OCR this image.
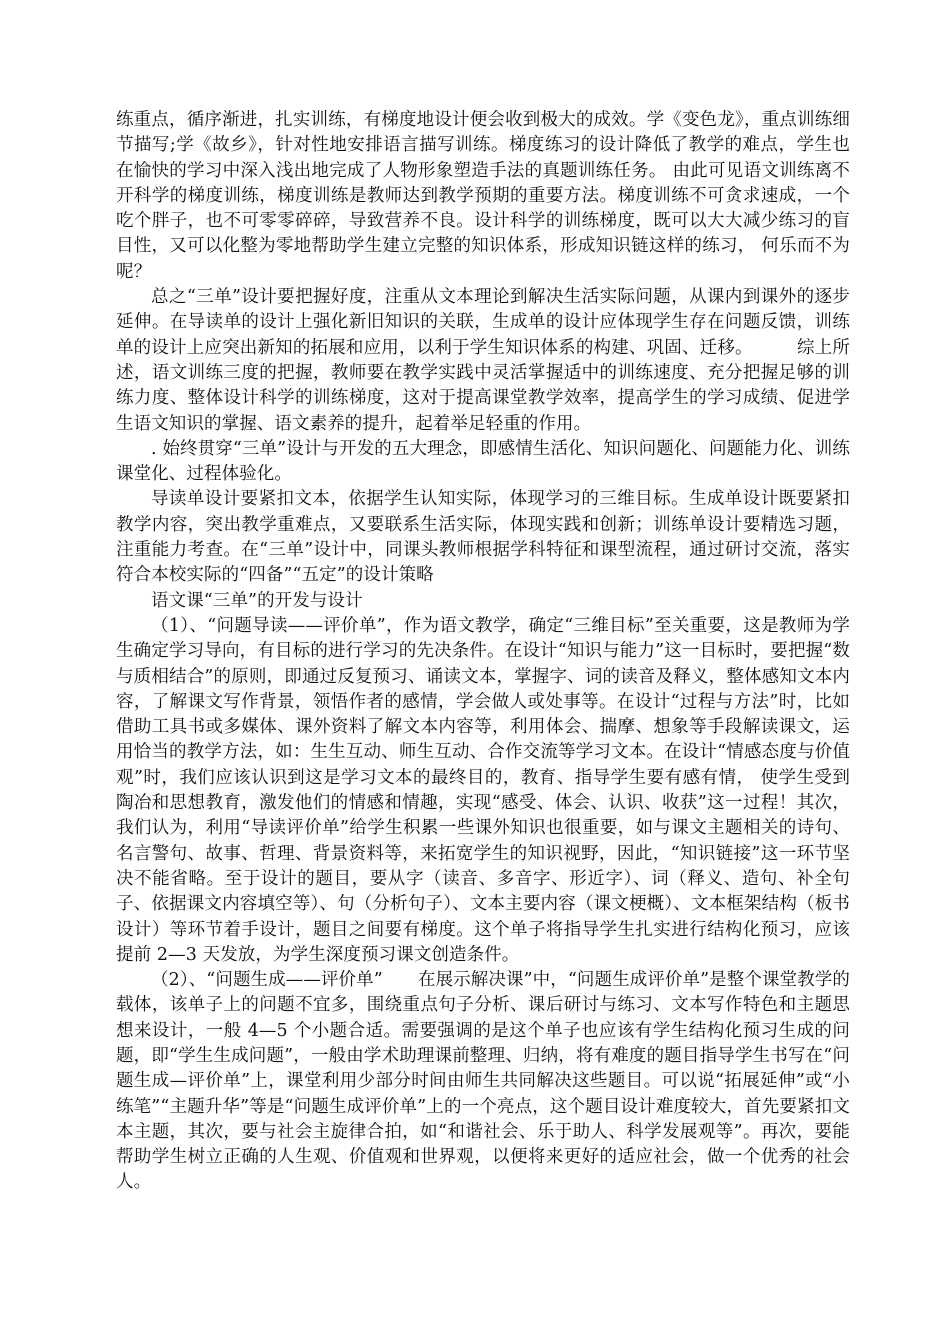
练重点，循序渐进，扎实训练，有梯度地设计便会收到极大的成效。学《变色龙》，重点训练细节描写;学《故乡》，针对性地安排语言描写训练。梯度练习的设计降低了教学的难点，学生也在愉快的学习中深入浅出地完成了人物形象塑造手法的真题训练任务。 由此可见语文训练离不开科学的梯度训练，梯度训练是教师达到教学预期的重要方法。梯度训练不可贪求速成，一个吃个胖子，也不可零零碎碎，导致营养不良。设计科学的训练梯度，既可以大大减少练习的盲目性，又可以化整为零地帮助学生建立完整的知识体系，形成知识链这样的练习， 何乐而不为呢？

总之“三单”设计要把握好度，注重从文本理论到解决生活实际问题，从课内到课外的逐步延伸。在导读单的设计上强化新旧知识的关联，生成单的设计应体现学生存在问题反馈，训练单的设计上应突出新知的拓展和应用，以利于学生知识体系的构建、巩固、迁移。　　　综上所述，语文训练三度的把握，教师要在教学实践中灵活掌握适中的训练速度、充分把握足够的训练力度、整体设计科学的训练梯度，这对于提高课堂教学效率，提高学生的学习成绩、促进学生语文知识的掌握、语文素养的提升，起着举足轻重的作用。

. 始终贯穿“三单”设计与开发的五大理念，即感情生活化、知识问题化、问题能力化、训练课堂化、过程体验化。

导读单设计要紧扣文本，依据学生认知实际，体现学习的三维目标。生成单设计既要紧扣教学内容，突出教学重难点，又要联系生活实际，体现实践和创新；训练单设计要精选习题，注重能力考查。在“三单”设计中，同课头教师根据学科特征和课型流程，通过研讨交流，落实符合本校实际的“四备”“五定”的设计策略

语文课“三单”的开发与设计

（1）、“问题导读——评价单”，作为语文教学，确定“三维目标”至关重要，这是教师为学生确定学习导向，有目标的进行学习的先决条件。在设计“知识与能力”这一目标时，要把握“数与质相结合”的原则，即通过反复预习、诵读文本，掌握字、词的读音及释义，整体感知文本内容，了解课文写作背景，领悟作者的感情，学会做人或处事等。在设计“过程与方法”时，比如借助工具书或多媒体、课外资料了解文本内容等，利用体会、揣摩、想象等手段解读课文，运用恰当的教学方法，如：生生互动、师生互动、合作交流等学习文本。在设计“情感态度与价值观”时，我们应该认识到这是学习文本的最终目的，教育、指导学生要有感有情， 使学生受到陶冶和思想教育，激发他们的情感和情趣，实现“感受、体会、认识、收获”这一过程！其次，我们认为，利用“导读评价单”给学生积累一些课外知识也很重要，如与课文主题相关的诗句、名言警句、故事、哲理、背景资料等，来拓宽学生的知识视野，因此，“知识链接”这一环节坚决不能省略。至于设计的题目，要从字（读音、多音字、形近字）、词（释义、造句、补全句子、依据课文内容填空等）、句（分析句子）、文本主要内容（课文梗概）、文本框架结构（板书设计）等环节着手设计，题目之间要有梯度。这个单子将指导学生扎实进行结构化预习，应该提前 2—3 天发放，为学生深度预习课文创造条件。

（2）、“问题生成——评价单”　　在展示解决课”中，“问题生成评价单”是整个课堂教学的载体，该单子上的问题不宜多，围绕重点句子分析、课后研讨与练习、文本写作特色和主题思想来设计，一般 4—5 个小题合适。需要强调的是这个单子也应该有学生结构化预习生成的问题，即“学生生成问题”，一般由学术助理课前整理、归纳，将有难度的题目指导学生书写在“问题生成—评价单”上，课堂利用少部分时间由师生共同解决这些题目。可以说“拓展延伸”或“小练笔”“主题升华”等是“问题生成评价单”上的一个亮点，这个题目设计难度较大，首先要紧扣文本主题，其次，要与社会主旋律合拍，如“和谐社会、乐于助人、科学发展观等”。再次，要能帮助学生树立正确的人生观、价值观和世界观，以便将来更好的适应社会，做一个优秀的社会人。
